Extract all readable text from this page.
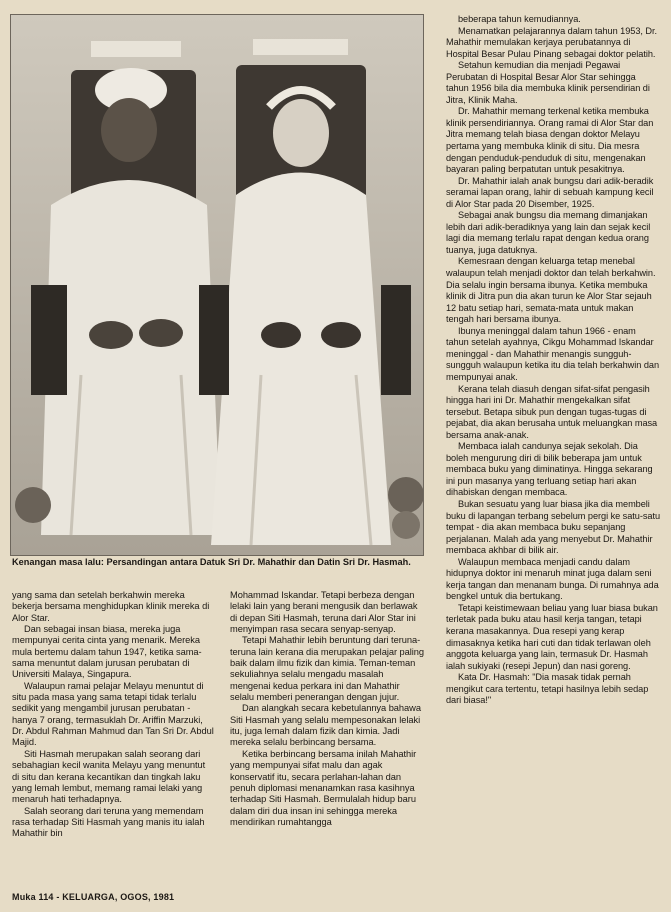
Kenangan masa lalu: Persandingan antara Datuk Sri Dr. Mahathir dan Datin Sri Dr. Hasmah.

beberapa tahun kemudiannya.

Menamatkan pelajarannya dalam tahun 1953, Dr. Mahathir memulakan kerjaya perubatannya di Hospital Besar Pulau Pinang sebagai doktor pelatih.

Setahun kemudian dia menjadi Pegawai Perubatan di Hospital Besar Alor Star sehingga tahun 1956 bila dia membuka klinik persendirian di Jitra, Klinik Maha.

Dr. Mahathir memang terkenal ketika membuka klinik persendiriannya. Orang ramai di Alor Star dan Jitra memang telah biasa dengan doktor Melayu pertama yang membuka klinik di situ. Dia mesra dengan penduduk-penduduk di situ, mengenakan bayaran paling berpatutan untuk pesakitnya.

Dr. Mahathir ialah anak bungsu dari adik-beradik seramai lapan orang, lahir di sebuah kampung kecil di Alor Star pada 20 Disember, 1925.

Sebagai anak bungsu dia memang dimanjakan lebih dari adik-beradiknya yang lain dan sejak kecil lagi dia memang terlalu rapat dengan kedua orang tuanya, juga datuknya.

Kemesraan dengan keluarga tetap menebal walaupun telah menjadi doktor dan telah berkahwin. Dia selalu ingin bersama ibunya. Ketika membuka klinik di Jitra pun dia akan turun ke Alor Star sejauh 12 batu setiap hari, semata-mata untuk makan tengah hari bersama ibunya.

Ibunya meninggal dalam tahun 1966 - enam tahun setelah ayahnya, Cikgu Mohammad Iskandar meninggal - dan Mahathir menangis sungguh-sungguh walaupun ketika itu dia telah berkahwin dan mempunyai anak.

Kerana telah diasuh dengan sifat-sifat pengasih hingga hari ini Dr. Mahathir mengekalkan sifat tersebut. Betapa sibuk pun dengan tugas-tugas di pejabat, dia akan berusaha untuk meluangkan masa bersama anak-anak.

Membaca ialah candunya sejak sekolah. Dia boleh mengurung diri di bilik beberapa jam untuk membaca buku yang diminatinya. Hingga sekarang ini pun masanya yang terluang setiap hari akan dihabiskan dengan membaca.

Bukan sesuatu yang luar biasa jika dia membeli buku di lapangan terbang sebelum pergi ke satu-satu tempat - dia akan membaca buku sepanjang perjalanan. Malah ada yang menyebut Dr. Mahathir membaca akhbar di bilik air.

Walaupun membaca menjadi candu dalam hidupnya doktor ini menaruh minat juga dalam seni kerja tangan dan menanam bunga. Di rumahnya ada bengkel untuk dia bertukang.

Tetapi keistimewaan beliau yang luar biasa bukan terletak pada buku atau hasil kerja tangan, tetapi kerana masakannya. Dua resepi yang kerap dimasaknya ketika hari cuti dan tidak terlawan oleh anggota keluarga yang lain, termasuk Dr. Hasmah ialah sukiyaki (resepi Jepun) dan nasi goreng.

Kata Dr. Hasmah: "Dia masak tidak pernah mengikut cara tertentu, tetapi hasilnya lebih sedap dari biasa!"

yang sama dan setelah berkahwin mereka bekerja bersama menghidupkan klinik mereka di Alor Star.

Dan sebagai insan biasa, mereka juga mempunyai cerita cinta yang menarik. Mereka mula bertemu dalam tahun 1947, ketika sama-sama menuntut dalam jurusan perubatan di Universiti Malaya, Singapura.

Walaupun ramai pelajar Melayu menuntut di situ pada masa yang sama tetapi tidak terlalu sedikit yang mengambil jurusan perubatan - hanya 7 orang, termasuklah Dr. Ariffin Marzuki, Dr. Abdul Rahman Mahmud dan Tan Sri Dr. Abdul Majid.

Siti Hasmah merupakan salah seorang dari sebahagian kecil wanita Melayu yang menuntut di situ dan kerana kecantikan dan tingkah laku yang lemah lembut, memang ramai lelaki yang menaruh hati terhadapnya.

Salah seorang dari teruna yang memendam rasa terhadap Siti Hasmah yang manis itu ialah Mahathir bin

Mohammad Iskandar. Tetapi berbeza dengan lelaki lain yang berani mengusik dan berlawak di depan Siti Hasmah, teruna dari Alor Star ini menyimpan rasa secara senyap-senyap.

Tetapi Mahathir lebih beruntung dari teruna-teruna lain kerana dia merupakan pelajar paling baik dalam ilmu fizik dan kimia. Teman-teman sekuliahnya selalu mengadu masalah mengenai kedua perkara ini dan Mahathir selalu memberi penerangan dengan jujur.

Dan alangkah secara kebetulannya bahawa Siti Hasmah yang selalu mempesonakan lelaki itu, juga lemah dalam fizik dan kimia. Jadi mereka selalu berbincang bersama.

Ketika berbincang bersama inilah Mahathir yang mempunyai sifat malu dan agak konservatif itu, secara perlahan-lahan dan penuh diplomasi menanamkan rasa kasihnya terhadap Siti Hasmah. Bermulalah hidup baru dalam diri dua insan ini sehingga mereka mendirikan rumahtangga

Muka 114 - KELUARGA, OGOS, 1981
